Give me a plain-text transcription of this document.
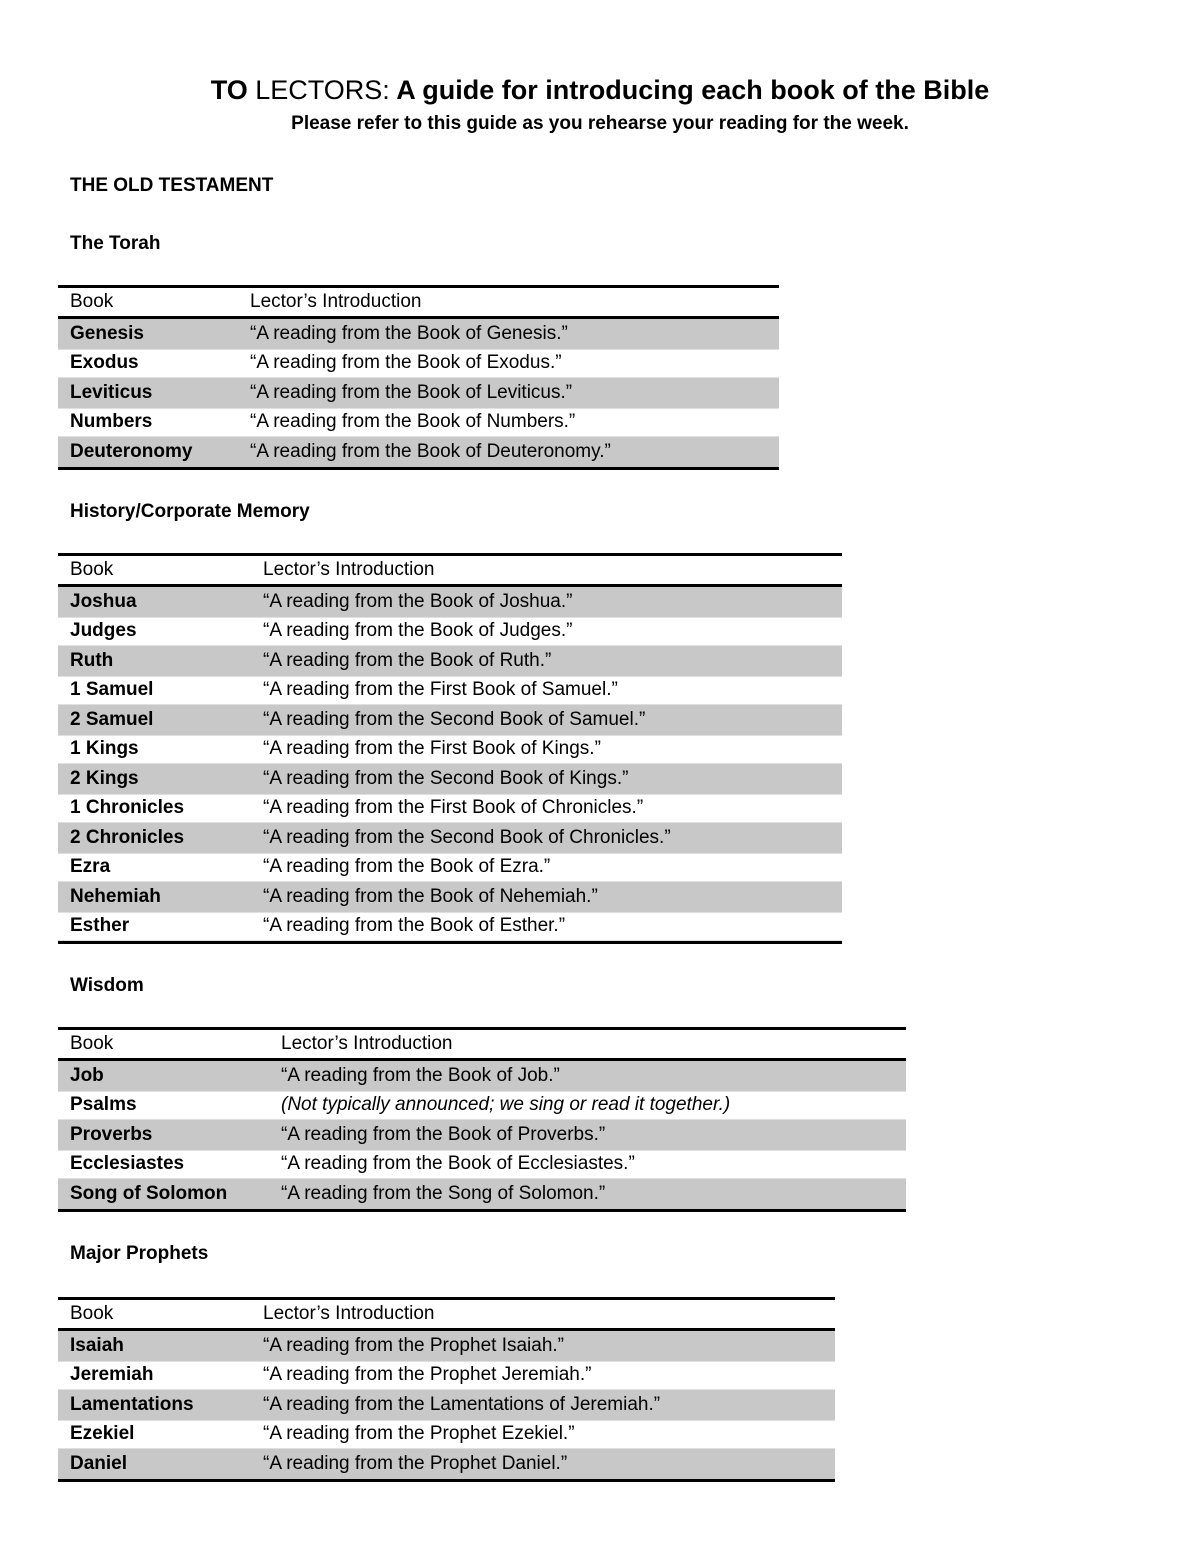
TO LECTORS: A guide for introducing each book of the Bible
Please refer to this guide as you rehearse your reading for the week.
THE OLD TESTAMENT
The Torah
Book	Lector’s Introduction
Genesis	“A reading from the Book of Genesis.”
Exodus	“A reading from the Book of Exodus.”
Leviticus	“A reading from the Book of Leviticus.”
Numbers	“A reading from the Book of Numbers.”
Deuteronomy	“A reading from the Book of Deuteronomy.”
History/Corporate Memory
Book	Lector’s Introduction
Joshua	“A reading from the Book of Joshua.”
Judges	“A reading from the Book of Judges.”
Ruth	“A reading from the Book of Ruth.”
1 Samuel	“A reading from the First Book of Samuel.”
2 Samuel	“A reading from the Second Book of Samuel.”
1 Kings	“A reading from the First Book of Kings.”
2 Kings	“A reading from the Second Book of Kings.”
1 Chronicles	“A reading from the First Book of Chronicles.”
2 Chronicles	“A reading from the Second Book of Chronicles.”
Ezra	“A reading from the Book of Ezra.”
Nehemiah	“A reading from the Book of Nehemiah.”
Esther	“A reading from the Book of Esther.”
Wisdom
Book	Lector’s Introduction
Job	“A reading from the Book of Job.”
Psalms	(Not typically announced; we sing or read it together.)
Proverbs	“A reading from the Book of Proverbs.”
Ecclesiastes	“A reading from the Book of Ecclesiastes.”
Song of Solomon	“A reading from the Song of Solomon.”
Major Prophets
Book	Lector’s Introduction
Isaiah	“A reading from the Prophet Isaiah.”
Jeremiah	“A reading from the Prophet Jeremiah.”
Lamentations	“A reading from the Lamentations of Jeremiah.”
Ezekiel	“A reading from the Prophet Ezekiel.”
Daniel	“A reading from the Prophet Daniel.”
